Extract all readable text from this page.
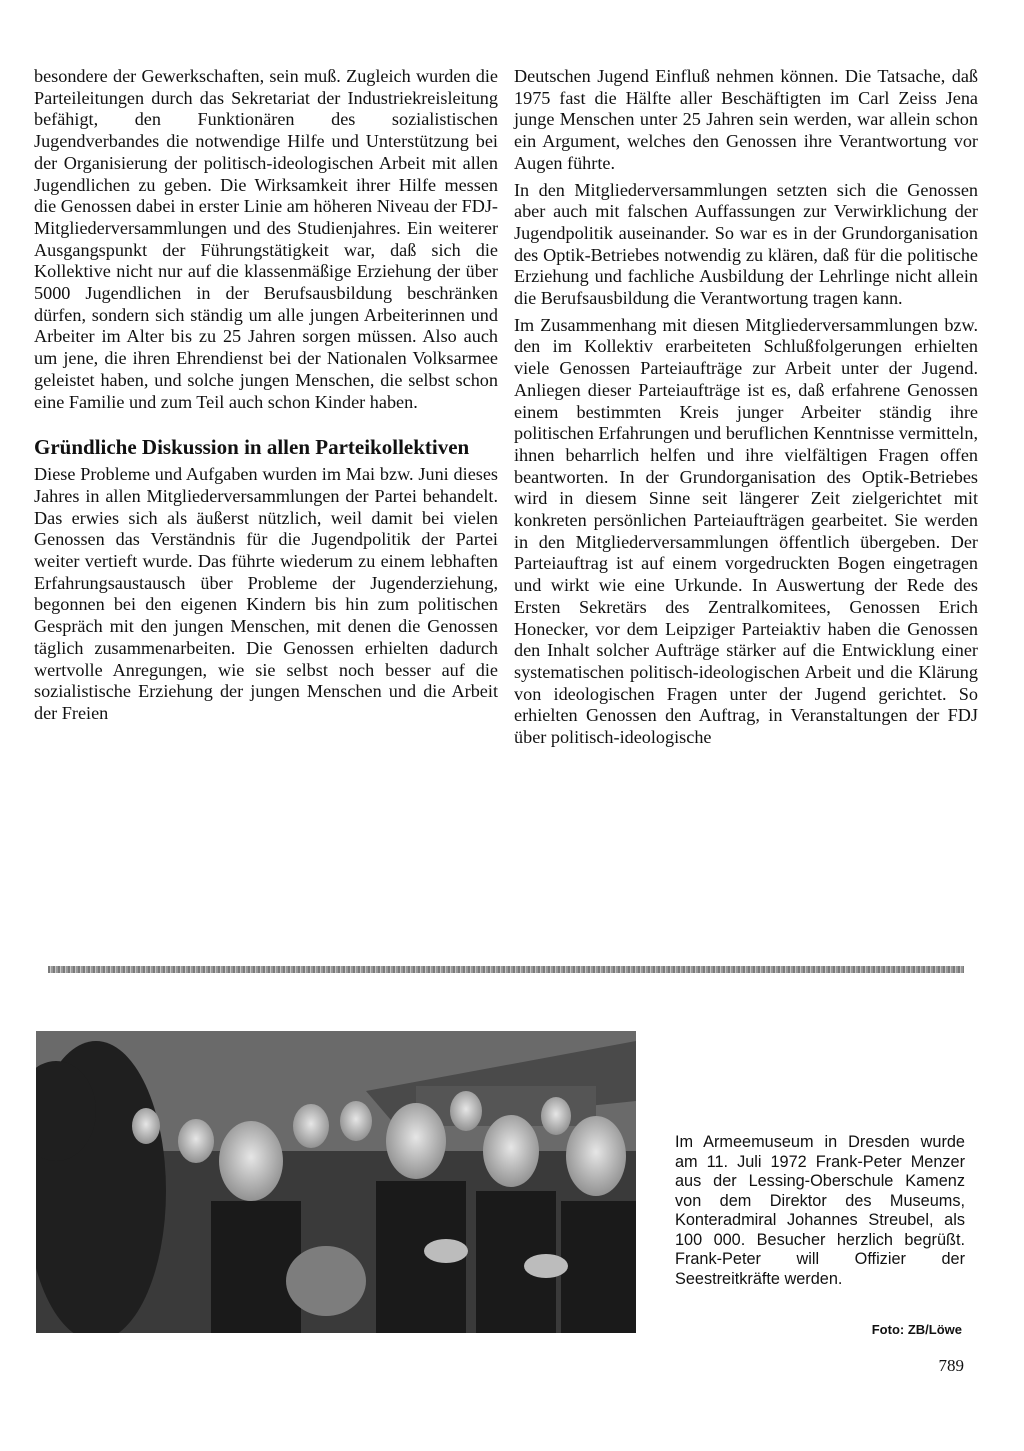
besondere der Gewerkschaften, sein muß. Zugleich wurden die Parteileitungen durch das Sekretariat der Industriekreisleitung befähigt, den Funktionären des sozialistischen Jugendverbandes die notwendige Hilfe und Unterstützung bei der Organisierung der politisch-ideologischen Arbeit mit allen Jugendlichen zu geben. Die Wirksamkeit ihrer Hilfe messen die Genossen dabei in erster Linie am höheren Niveau der FDJ-Mitgliederversammlungen und des Studienjahres. Ein weiterer Ausgangspunkt der Führungstätigkeit war, daß sich die Kollektive nicht nur auf die klassenmäßige Erziehung der über 5000 Jugendlichen in der Berufsausbildung beschränken dürfen, sondern sich ständig um alle jungen Arbeiterinnen und Arbeiter im Alter bis zu 25 Jahren sorgen müssen. Also auch um jene, die ihren Ehrendienst bei der Nationalen Volksarmee geleistet haben, und solche jungen Menschen, die selbst schon eine Familie und zum Teil auch schon Kinder haben.

Gründliche Diskussion in allen Parteikollektiven

Diese Probleme und Aufgaben wurden im Mai bzw. Juni dieses Jahres in allen Mitgliederversammlungen der Partei behandelt. Das erwies sich als äußerst nützlich, weil damit bei vielen Genossen das Verständnis für die Jugendpolitik der Partei weiter vertieft wurde. Das führte wiederum zu einem lebhaften Erfahrungsaustausch über Probleme der Jugenderziehung, begonnen bei den eigenen Kindern bis hin zum politischen Gespräch mit den jungen Menschen, mit denen die Genossen täglich zusammenarbeiten. Die Genossen erhielten dadurch wertvolle Anregungen, wie sie selbst noch besser auf die sozialistische Erziehung der jungen Menschen und die Arbeit der Freien

Deutschen Jugend Einfluß nehmen können. Die Tatsache, daß 1975 fast die Hälfte aller Beschäftigten im Carl Zeiss Jena junge Menschen unter 25 Jahren sein werden, war allein schon ein Argument, welches den Genossen ihre Verantwortung vor Augen führte.

In den Mitgliederversammlungen setzten sich die Genossen aber auch mit falschen Auffassungen zur Verwirklichung der Jugendpolitik auseinander. So war es in der Grundorganisation des Optik-Betriebes notwendig zu klären, daß für die politische Erziehung und fachliche Ausbildung der Lehrlinge nicht allein die Berufsausbildung die Verantwortung tragen kann.

Im Zusammenhang mit diesen Mitgliederversammlungen bzw. den im Kollektiv erarbeiteten Schlußfolgerungen erhielten viele Genossen Parteiaufträge zur Arbeit unter der Jugend. Anliegen dieser Parteiaufträge ist es, daß erfahrene Genossen einem bestimmten Kreis junger Arbeiter ständig ihre politischen Erfahrungen und beruflichen Kenntnisse vermitteln, ihnen beharrlich helfen und ihre vielfältigen Fragen offen beantworten. In der Grundorganisation des Optik-Betriebes wird in diesem Sinne seit längerer Zeit zielgerichtet mit konkreten persönlichen Parteiaufträgen gearbeitet. Sie werden in den Mitgliederversammlungen öffentlich übergeben. Der Parteiauftrag ist auf einem vorgedruckten Bogen eingetragen und wirkt wie eine Urkunde. In Auswertung der Rede des Ersten Sekretärs des Zentralkomitees, Genossen Erich Honecker, vor dem Leipziger Parteiaktiv haben die Genossen den Inhalt solcher Aufträge stärker auf die Entwicklung einer systematischen politisch-ideologischen Arbeit und die Klärung von ideologischen Fragen unter der Jugend gerichtet. So erhielten Genossen den Auftrag, in Veranstaltungen der FDJ über politisch-ideologische

Im Armeemuseum in Dresden wurde am 11. Juli 1972 Frank-Peter Menzer aus der Lessing-Oberschule Kamenz von dem Direktor des Museums, Konteradmiral Johannes Streubel, als 100 000. Besucher herzlich begrüßt. Frank-Peter will Offizier der Seestreitkräfte werden.
Foto: ZB/Löwe
789
